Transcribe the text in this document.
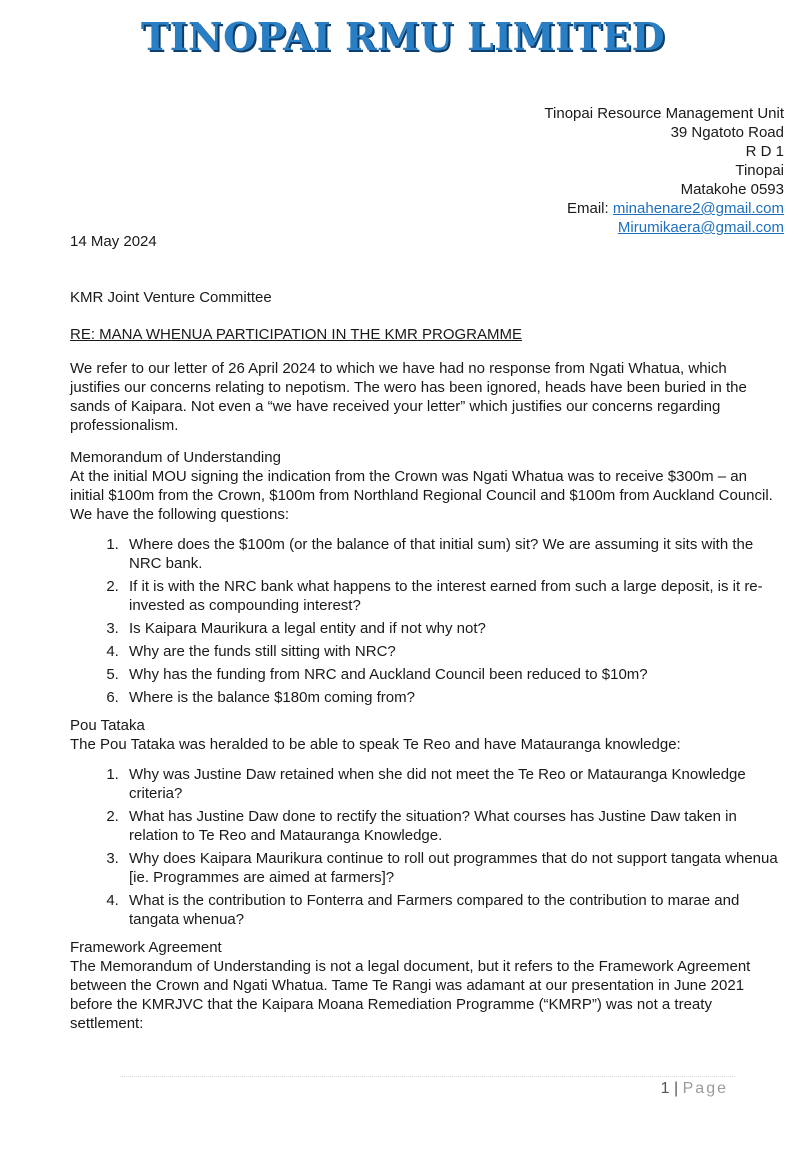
TINOPAI RMU LIMITED
Tinopai Resource Management Unit
39 Ngatoto Road
R D 1
Tinopai
Matakohe 0593
Email: minahenare2@gmail.com
Mirumikaera@gmail.com
14 May 2024
KMR Joint Venture Committee
RE: MANA WHENUA PARTICIPATION IN THE KMR PROGRAMME

We refer to our letter of 26 April 2024 to which we have had no response from Ngati Whatua, which justifies our concerns relating to nepotism. The wero has been ignored, heads have been buried in the sands of Kaipara. Not even a “we have received your letter” which justifies our concerns regarding professionalism.

Memorandum of Understanding
At the initial MOU signing the indication from the Crown was Ngati Whatua was to receive $300m – an initial $100m from the Crown, $100m from Northland Regional Council and $100m from Auckland Council. We have the following questions:
1. Where does the $100m (or the balance of that initial sum) sit? We are assuming it sits with the NRC bank.
2. If it is with the NRC bank what happens to the interest earned from such a large deposit, is it re-invested as compounding interest?
3. Is Kaipara Maurikura a legal entity and if not why not?
4. Why are the funds still sitting with NRC?
5. Why has the funding from NRC and Auckland Council been reduced to $10m?
6. Where is the balance $180m coming from?
Pou Tataka
The Pou Tataka was heralded to be able to speak Te Reo and have Matauranga knowledge:
1. Why was Justine Daw retained when she did not meet the Te Reo or Matauranga Knowledge criteria?
2. What has Justine Daw done to rectify the situation? What courses has Justine Daw taken in relation to Te Reo and Matauranga Knowledge.
3. Why does Kaipara Maurikura continue to roll out programmes that do not support tangata whenua [ie. Programmes are aimed at farmers]?
4. What is the contribution to Fonterra and Farmers compared to the contribution to marae and tangata whenua?
Framework Agreement
The Memorandum of Understanding is not a legal document, but it refers to the Framework Agreement between the Crown and Ngati Whatua. Tame Te Rangi was adamant at our presentation in June 2021 before the KMRJVC that the Kaipara Moana Remediation Programme (“KMRP”) was not a treaty settlement:
1 | Page
